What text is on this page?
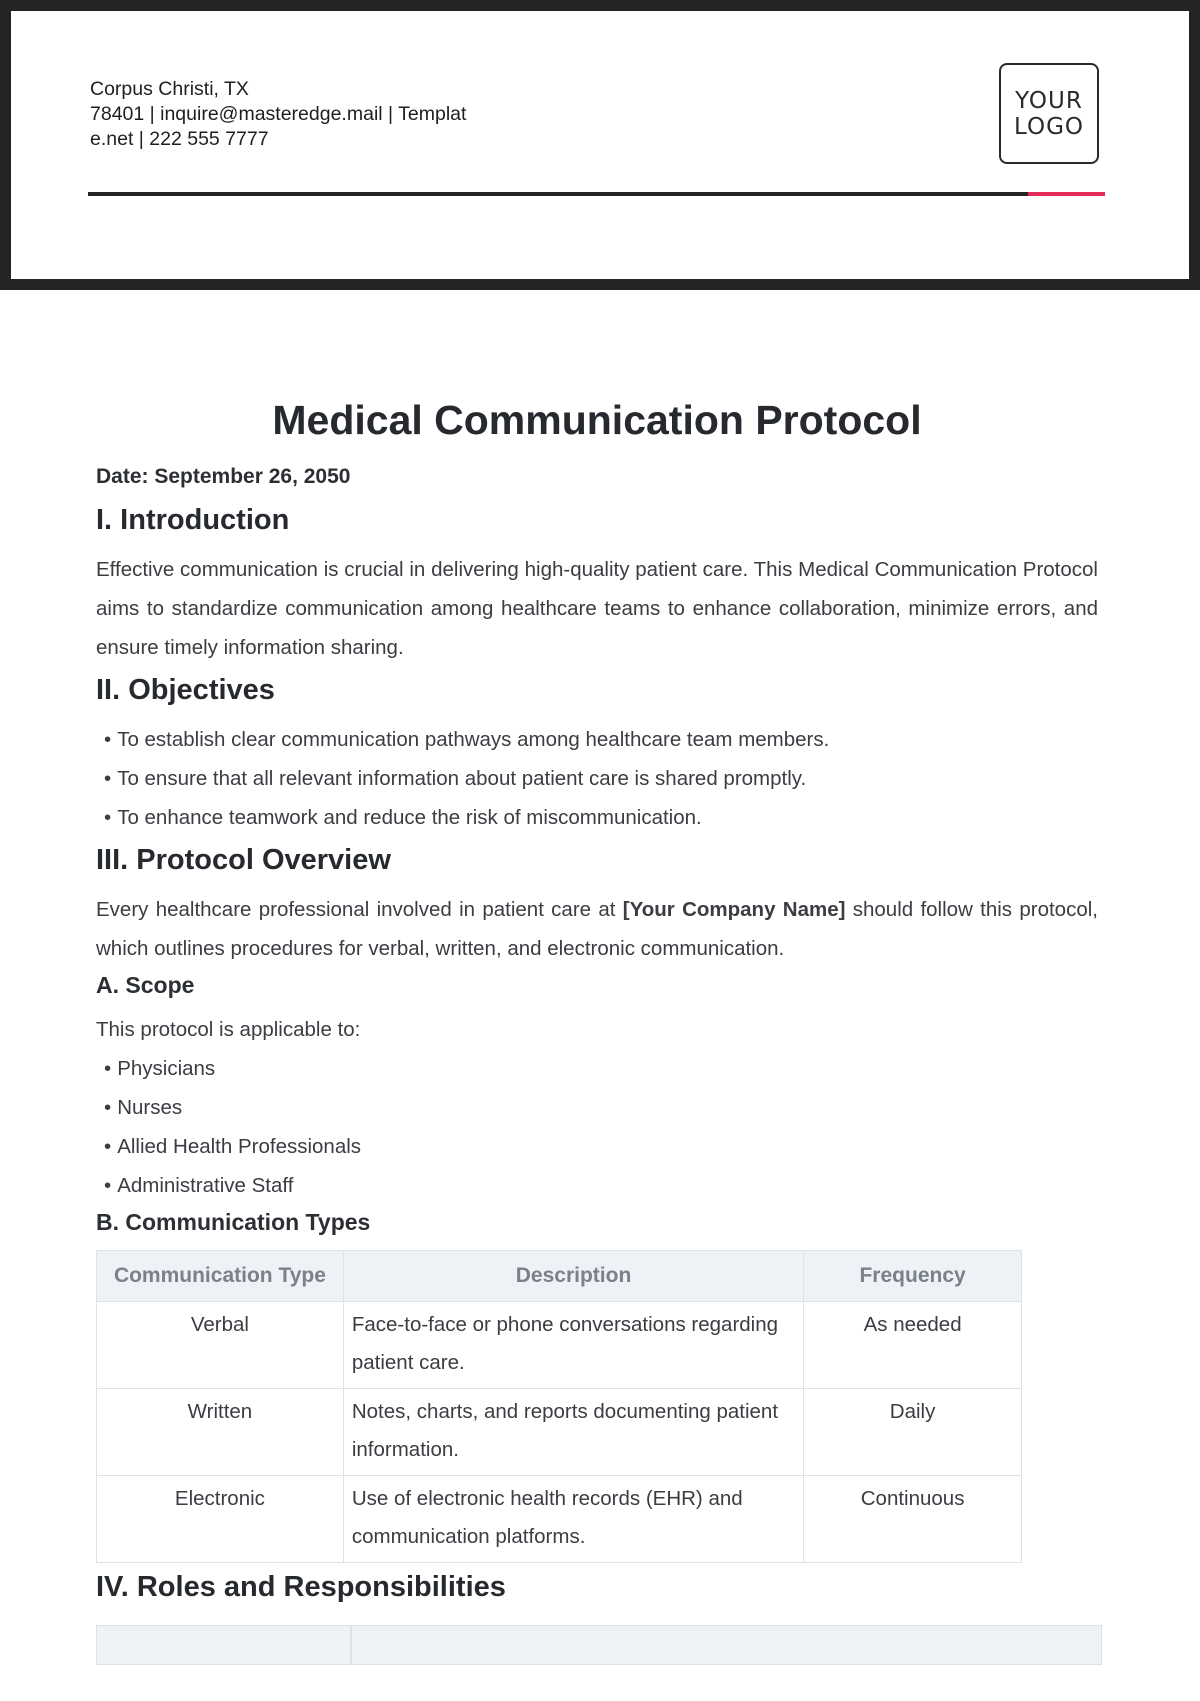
Corpus Christi, TX
78401 | inquire@masteredge.mail | Template.net | 222 555 7777
YOUR
LOGO
Medical Communication Protocol
Date: September 26, 2050
I. Introduction

Effective communication is crucial in delivering high-quality patient care. This Medical Communication Protocol aims to standardize communication among healthcare teams to enhance collaboration, minimize errors, and ensure timely information sharing.

II. Objectives
• To establish clear communication pathways among healthcare team members.
• To ensure that all relevant information about patient care is shared promptly.
• To enhance teamwork and reduce the risk of miscommunication.
III. Protocol Overview

Every healthcare professional involved in patient care at [Your Company Name] should follow this protocol, which outlines procedures for verbal, written, and electronic communication.

A. Scope

This protocol is applicable to:

• Physicians
• Nurses
• Allied Health Professionals
• Administrative Staff
B. Communication Types
Communication Type	Description	Frequency
Verbal	Face-to-face or phone conversations regarding patient care.	As needed
Written	Notes, charts, and reports documenting patient information.	Daily
Electronic	Use of electronic health records (EHR) and communication platforms.	Continuous
IV. Roles and Responsibilities
